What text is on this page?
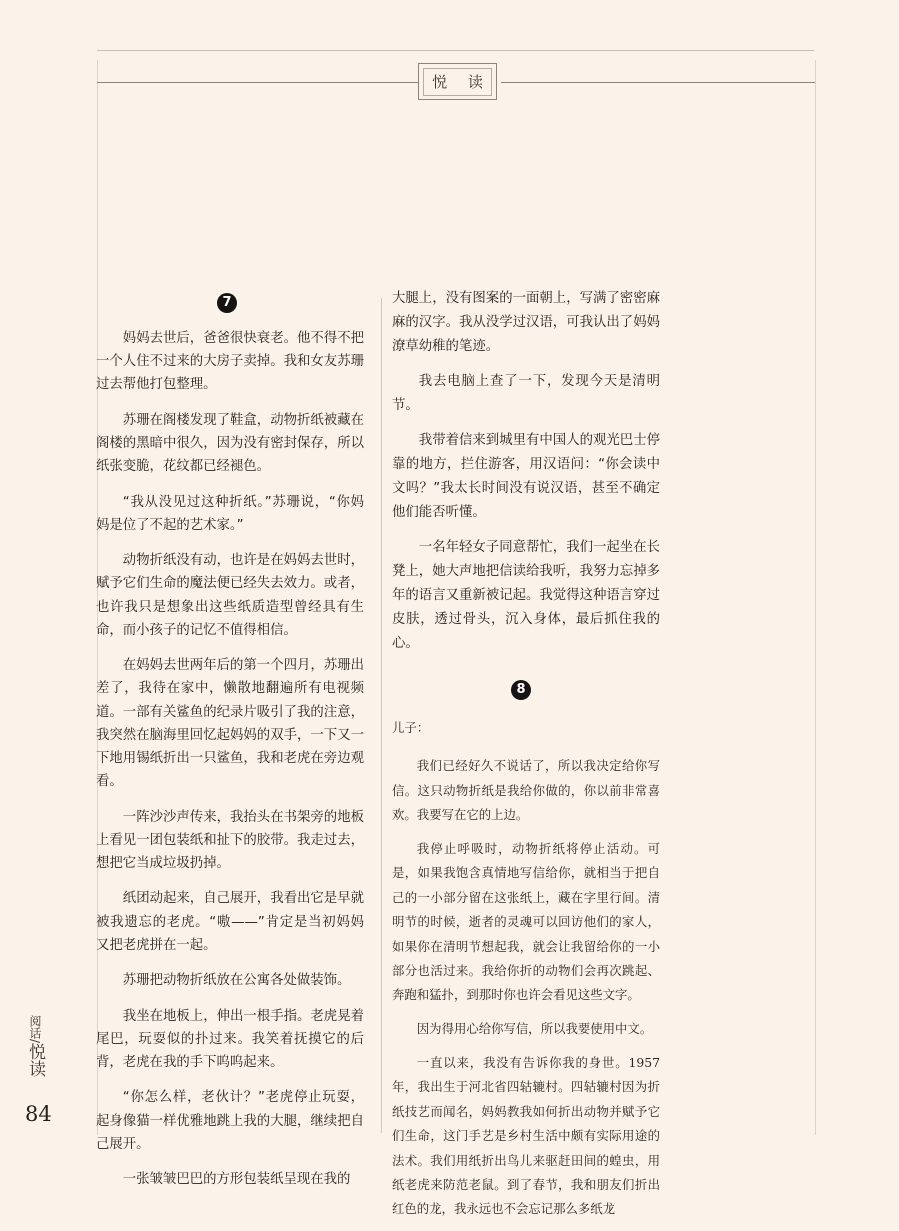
悦 读
7

妈妈去世后，爸爸很快衰老。他不得不把一个人住不过来的大房子卖掉。我和女友苏珊过去帮他打包整理。

苏珊在阁楼发现了鞋盒，动物折纸被藏在阁楼的黑暗中很久，因为没有密封保存，所以纸张变脆，花纹都已经褪色。

“我从没见过这种折纸。”苏珊说，“你妈妈是位了不起的艺术家。”

动物折纸没有动，也许是在妈妈去世时，赋予它们生命的魔法便已经失去效力。或者，也许我只是想象出这些纸质造型曾经具有生命，而小孩子的记忆不值得相信。

在妈妈去世两年后的第一个四月，苏珊出差了，我待在家中，懒散地翻遍所有电视频道。一部有关鲨鱼的纪录片吸引了我的注意，我突然在脑海里回忆起妈妈的双手，一下又一下地用锡纸折出一只鲨鱼，我和老虎在旁边观看。

一阵沙沙声传来，我抬头在书架旁的地板上看见一团包装纸和扯下的胶带。我走过去，想把它当成垃圾扔掉。

纸团动起来，自己展开，我看出它是早就被我遗忘的老虎。“嗷——”肯定是当初妈妈又把老虎拼在一起。

苏珊把动物折纸放在公寓各处做装饰。

我坐在地板上，伸出一根手指。老虎晃着尾巴，玩耍似的扑过来。我笑着抚摸它的后背，老虎在我的手下呜呜起来。

“你怎么样，老伙计？”老虎停止玩耍，起身像猫一样优雅地跳上我的大腿，继续把自己展开。

一张皱皱巴巴的方形包装纸呈现在我的

大腿上，没有图案的一面朝上，写满了密密麻麻的汉字。我从没学过汉语，可我认出了妈妈潦草幼稚的笔迹。

我去电脑上查了一下，发现今天是清明节。

我带着信来到城里有中国人的观光巴士停靠的地方，拦住游客，用汉语问：“你会读中文吗？”我太长时间没有说汉语，甚至不确定他们能否听懂。

一名年轻女子同意帮忙，我们一起坐在长凳上，她大声地把信读给我听，我努力忘掉多年的语言又重新被记起。我觉得这种语言穿过皮肤，透过骨头，沉入身体，最后抓住我的心。

8

儿子：

我们已经好久不说话了，所以我决定给你写信。这只动物折纸是我给你做的，你以前非常喜欢。我要写在它的上边。

我停止呼吸时，动物折纸将停止活动。可是，如果我饱含真情地写信给你，就相当于把自己的一小部分留在这张纸上，藏在字里行间。清明节的时候，逝者的灵魂可以回访他们的家人，如果你在清明节想起我，就会让我留给你的一小部分也活过来。我给你折的动物们会再次跳起、奔跑和猛扑，到那时你也许会看见这些文字。

因为得用心给你写信，所以我要使用中文。

一直以来，我没有告诉你我的身世。1957年，我出生于河北省四轱辘村。四轱辘村因为折纸技艺而闻名，妈妈教我如何折出动物并赋予它们生命，这门手艺是乡村生活中颇有实际用途的法术。我们用纸折出鸟儿来驱赶田间的蝗虫，用纸老虎来防范老鼠。到了春节，我和朋友们折出红色的龙，我永远也不会忘记那么多纸龙

阅话/悦读
84
